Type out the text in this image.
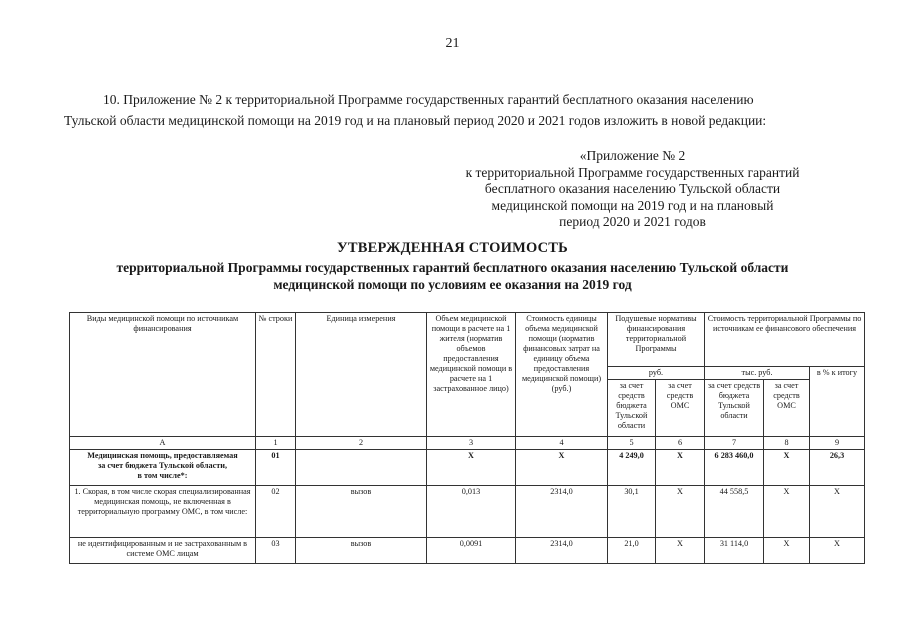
21
10. Приложение № 2 к территориальной Программе государственных гарантий бесплатного оказания населению
Тульской области медицинской помощи на 2019 год и на плановый период 2020 и 2021 годов изложить в новой редакции:
«Приложение № 2
к территориальной Программе государственных гарантий
бесплатного оказания населению Тульской области
медицинской помощи на 2019 год и на плановый
период 2020 и 2021 годов
УТВЕРЖДЕННАЯ СТОИМОСТЬ
территориальной Программы государственных гарантий бесплатного оказания населению Тульской области
медицинской помощи по условиям ее оказания на 2019 год
Виды медицинской помощи по источникам финансирования	№ строки	Единица измерения	Объем медицинской помощи в расчете на 1 жителя (норматив объемов предоставления медицинской помощи в расчете на 1 застрахованное лицо)	Стоимость единицы объема медицинской помощи (норматив финансовых затрат на единицу объема предоставления медицинской помощи) (руб.)	Подушевые нормативы финансирования территориальной Программы		Стоимость территориальной Программы по источникам ее финансового обеспечения		
					руб.		тыс. руб.		в % к итогу
					за счет средств бюджета Тульской области	за счет средств ОМС	за счет средств бюджета Тульской области	за счет средств ОМС	
А	1	2	3	4	5	6	7	8	9

Медицинская помощь, предоставляемая
за счет бюджета Тульской области,
в том числе*:	01		X	X	4 249,0	X	6 283 460,0	X	26,3
1. Скорая, в том числе скорая специализированная медицинская помощь, не включенная в территориальную программу ОМС, в том числе:	02	вызов	0,013	2314,0	30,1	X	44 558,5	X	X
не идентифицированным и не застрахованным в системе ОМС лицам	03	вызов	0,0091	2314,0	21,0	X	31 114,0	X	X
